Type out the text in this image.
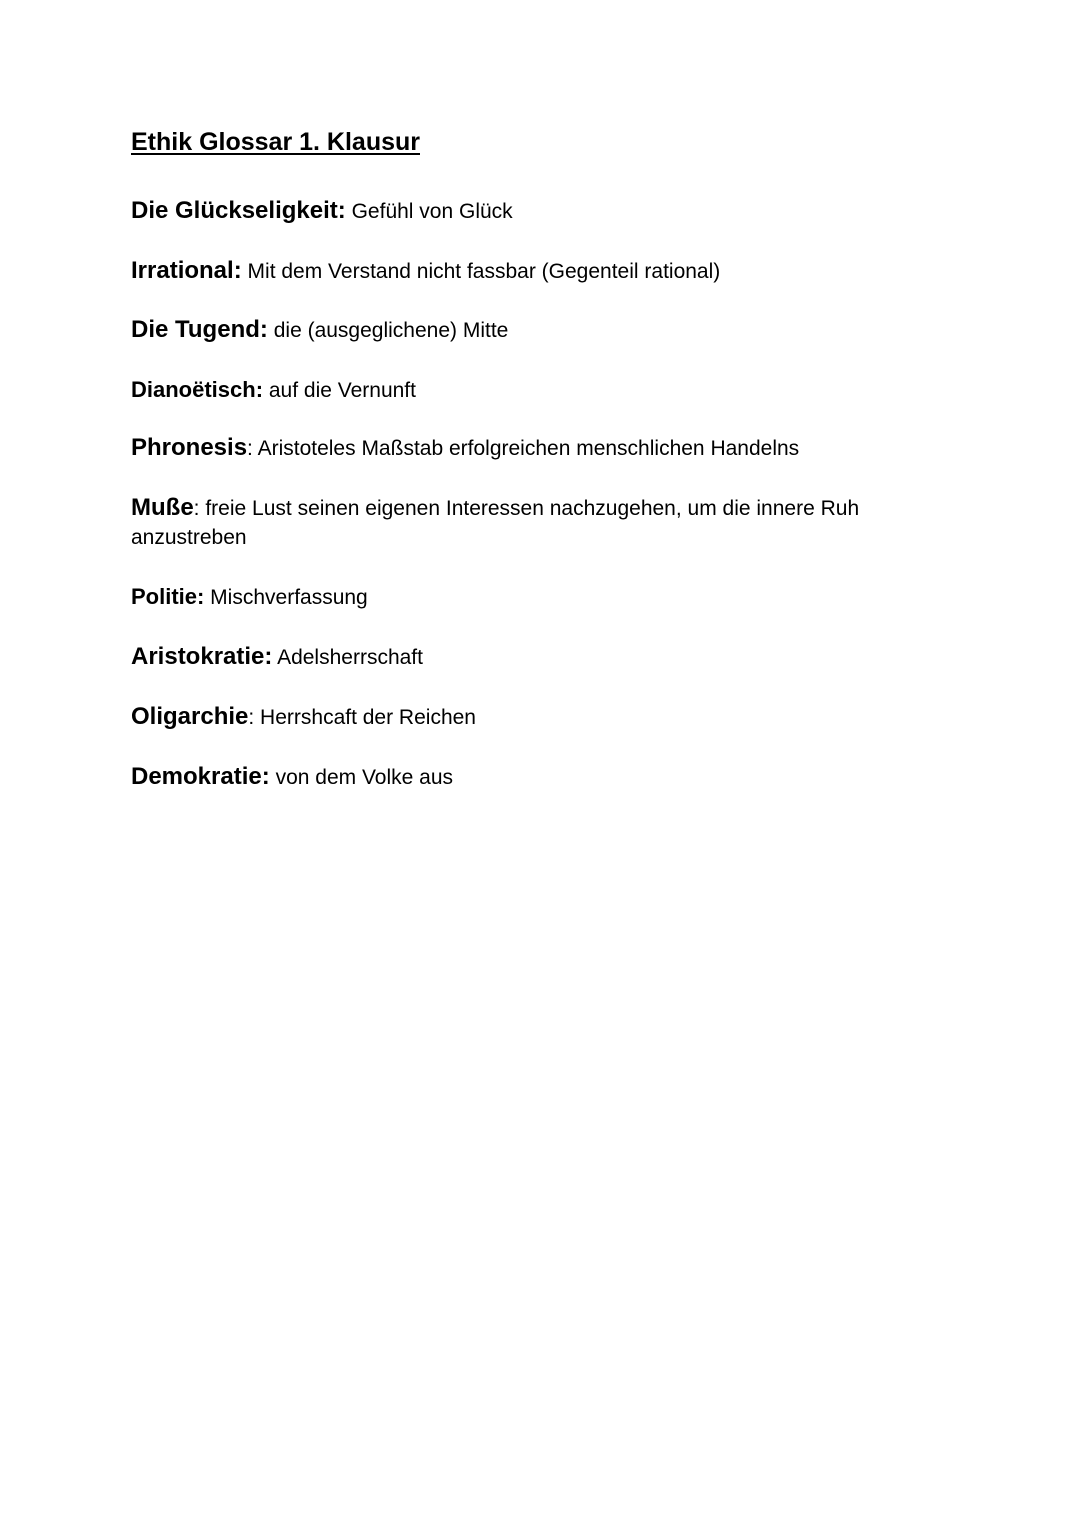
Ethik Glossar 1. Klausur

Die Glückseligkeit: Gefühl von Glück

Irrational: Mit dem Verstand nicht fassbar (Gegenteil rational)

Die Tugend: die (ausgeglichene) Mitte

Dianoëtisch: auf die Vernunft

Phronesis: Aristoteles Maßstab erfolgreichen menschlichen Handelns

Muße: freie Lust seinen eigenen Interessen nachzugehen, um die innere Ruh anzustreben

Politie: Mischverfassung

Aristokratie: Adelsherrschaft

Oligarchie: Herrshcaft der Reichen

Demokratie: von dem Volke aus
